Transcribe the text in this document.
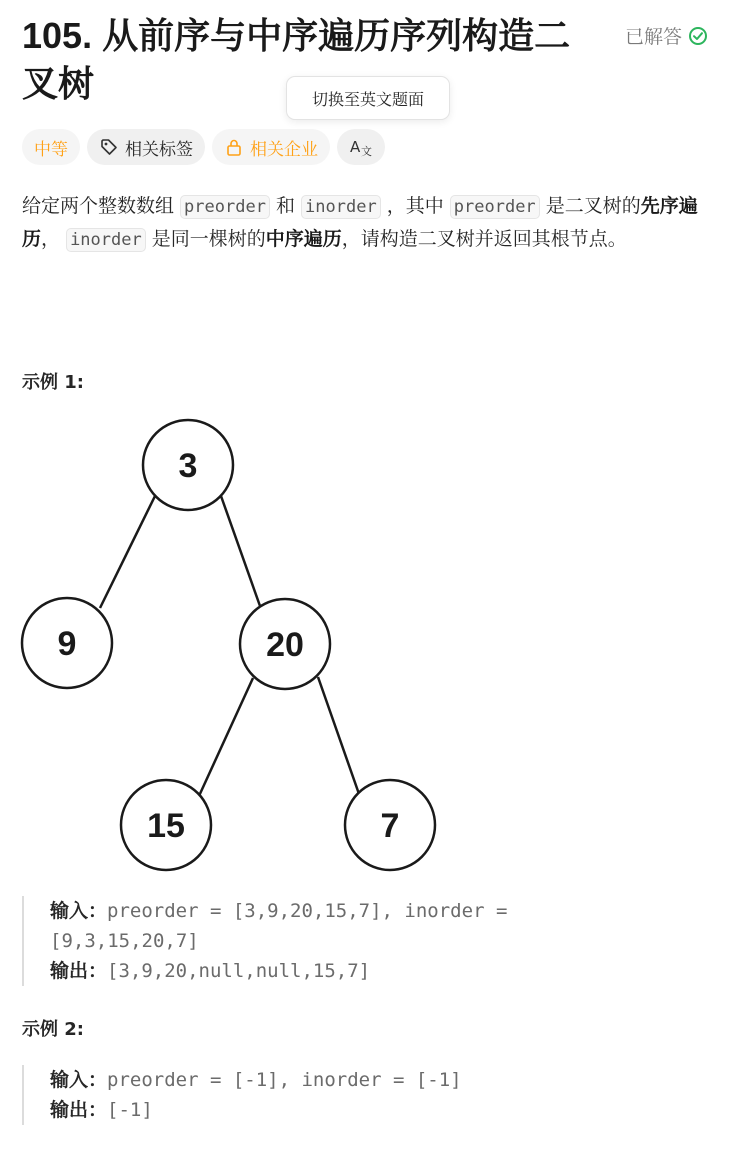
105. 从前序与中序遍历序列构造二叉树
已解答
切换至英文题面
中等	相关标签	相关企业 A 文
给定两个整数数组 preorder 和 inorder ，其中 preorder 是二叉树的先序遍历， inorder 是同一棵树的中序遍历，请构造二叉树并返回其根节点。
示例 1:
3
9	20
15	7
输入：preorder = [3,9,20,15,7], inorder = [9,3,15,20,7]
输出：[3,9,20,null,null,15,7]
示例 2:
输入：preorder = [-1], inorder = [-1]
输出：[-1]
